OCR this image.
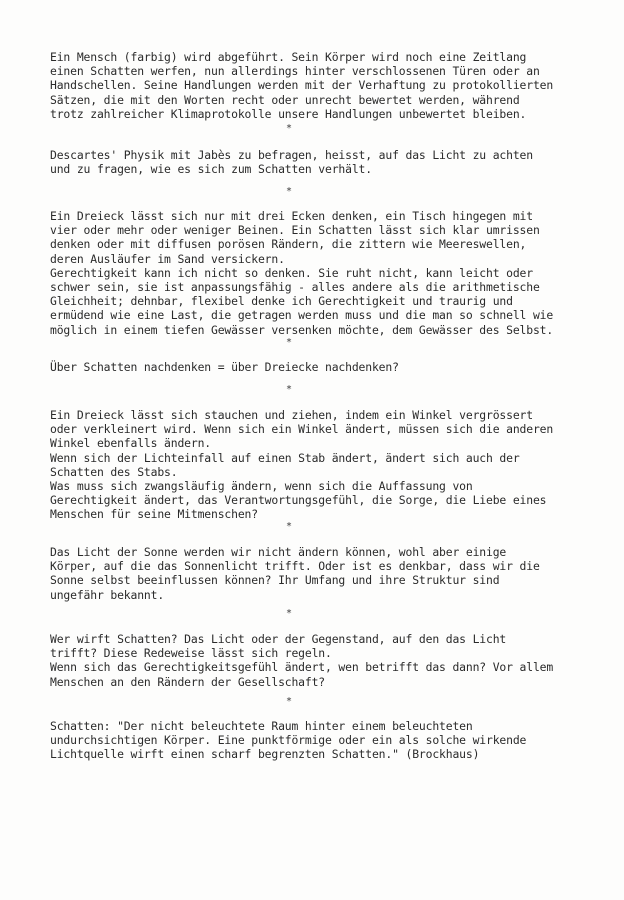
Ein Mensch (farbig) wird abgeführt. Sein Körper wird noch eine Zeitlang
einen Schatten werfen, nun allerdings hinter verschlossenen Türen oder an
Handschellen. Seine Handlungen werden mit der Verhaftung zu protokollierten
Sätzen, die mit den Worten recht oder unrecht bewertet werden, während
trotz zahlreicher Klimaprotokolle unsere Handlungen unbewertet bleiben.
*
Descartes' Physik mit Jabès zu befragen, heisst, auf das Licht zu achten
und zu fragen, wie es sich zum Schatten verhält.
*
Ein Dreieck lässt sich nur mit drei Ecken denken, ein Tisch hingegen mit
vier oder mehr oder weniger Beinen. Ein Schatten lässt sich klar umrissen
denken oder mit diffusen porösen Rändern, die zittern wie Meereswellen,
deren Ausläufer im Sand versickern.
Gerechtigkeit kann ich nicht so denken. Sie ruht nicht, kann leicht oder
schwer sein, sie ist anpassungsfähig - alles andere als die arithmetische
Gleichheit; dehnbar, flexibel denke ich Gerechtigkeit und traurig und
ermüdend wie eine Last, die getragen werden muss und die man so schnell wie
möglich in einem tiefen Gewässer versenken möchte, dem Gewässer des Selbst.
*
Über Schatten nachdenken = über Dreiecke nachdenken?
*
Ein Dreieck lässt sich stauchen und ziehen, indem ein Winkel vergrössert
oder verkleinert wird. Wenn sich ein Winkel ändert, müssen sich die anderen
Winkel ebenfalls ändern.
Wenn sich der Lichteinfall auf einen Stab ändert, ändert sich auch der
Schatten des Stabs.
Was muss sich zwangsläufig ändern, wenn sich die Auffassung von
Gerechtigkeit ändert, das Verantwortungsgefühl, die Sorge, die Liebe eines
Menschen für seine Mitmenschen?
*
Das Licht der Sonne werden wir nicht ändern können, wohl aber einige
Körper, auf die das Sonnenlicht trifft. Oder ist es denkbar, dass wir die
Sonne selbst beeinflussen können? Ihr Umfang und ihre Struktur sind
ungefähr bekannt.
*
Wer wirft Schatten? Das Licht oder der Gegenstand, auf den das Licht
trifft? Diese Redeweise lässt sich regeln.
Wenn sich das Gerechtigkeitsgefühl ändert, wen betrifft das dann? Vor allem
Menschen an den Rändern der Gesellschaft?
*
Schatten: "Der nicht beleuchtete Raum hinter einem beleuchteten
undurchsichtigen Körper. Eine punktförmige oder ein als solche wirkende
Lichtquelle wirft einen scharf begrenzten Schatten." (Brockhaus)
